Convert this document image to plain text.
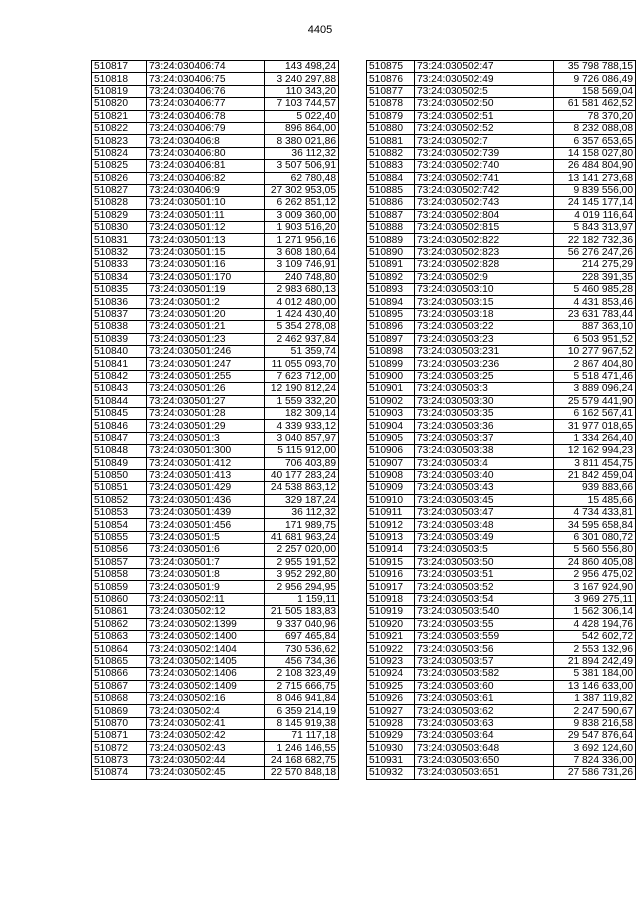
4405
510817	73:24:030406:74	143 498,24
510818	73:24:030406:75	3 240 297,88
510819	73:24:030406:76	110 343,20
510820	73:24:030406:77	7 103 744,57
510821	73:24:030406:78	5 022,40
510822	73:24:030406:79	896 864,00
510823	73:24:030406:8	8 380 021,86
510824	73:24:030406:80	36 112,32
510825	73:24:030406:81	3 507 506,91
510826	73:24:030406:82	62 780,48
510827	73:24:030406:9	27 302 953,05
510828	73:24:030501:10	6 262 851,12
510829	73:24:030501:11	3 009 360,00
510830	73:24:030501:12	1 903 516,20
510831	73:24:030501:13	1 271 956,16
510832	73:24:030501:15	3 608 180,64
510833	73:24:030501:16	3 109 746,91
510834	73:24:030501:170	240 748,80
510835	73:24:030501:19	2 983 680,13
510836	73:24:030501:2	4 012 480,00
510837	73:24:030501:20	1 424 430,40
510838	73:24:030501:21	5 354 278,08
510839	73:24:030501:23	2 462 937,84
510840	73:24:030501:246	51 359,74
510841	73:24:030501:247	11 055 093,70
510842	73:24:030501:255	7 623 712,00
510843	73:24:030501:26	12 190 812,24
510844	73:24:030501:27	1 559 332,20
510845	73:24:030501:28	182 309,14
510846	73:24:030501:29	4 339 933,12
510847	73:24:030501:3	3 040 857,97
510848	73:24:030501:300	5 115 912,00
510849	73:24:030501:412	706 403,89
510850	73:24:030501:413	40 177 283,24
510851	73:24:030501:429	24 538 863,12
510852	73:24:030501:436	329 187,24
510853	73:24:030501:439	36 112,32
510854	73:24:030501:456	171 989,75
510855	73:24:030501:5	41 681 963,24
510856	73:24:030501:6	2 257 020,00
510857	73:24:030501:7	2 955 191,52
510858	73:24:030501:8	3 952 292,80
510859	73:24:030501:9	2 956 294,95
510860	73:24:030502:11	1 159,11
510861	73:24:030502:12	21 505 183,83
510862	73:24:030502:1399	9 337 040,96
510863	73:24:030502:1400	697 465,84
510864	73:24:030502:1404	730 536,62
510865	73:24:030502:1405	456 734,36
510866	73:24:030502:1406	2 108 323,49
510867	73:24:030502:1409	2 715 666,75
510868	73:24:030502:16	8 046 941,84
510869	73:24:030502:4	6 359 214,19
510870	73:24:030502:41	8 145 919,38
510871	73:24:030502:42	71 117,18
510872	73:24:030502:43	1 246 146,55
510873	73:24:030502:44	24 168 682,75
510874	73:24:030502:45	22 570 848,18
510875	73:24:030502:47	35 798 788,15
510876	73:24:030502:49	9 726 086,49
510877	73:24:030502:5	158 569,04
510878	73:24:030502:50	61 581 462,52
510879	73:24:030502:51	78 370,20
510880	73:24:030502:52	8 232 088,08
510881	73:24:030502:7	6 357 653,65
510882	73:24:030502:739	14 158 027,80
510883	73:24:030502:740	26 484 804,90
510884	73:24:030502:741	13 141 273,68
510885	73:24:030502:742	9 839 556,00
510886	73:24:030502:743	24 145 177,14
510887	73:24:030502:804	4 019 116,64
510888	73:24:030502:815	5 843 313,97
510889	73:24:030502:822	22 182 732,36
510890	73:24:030502:823	56 276 247,26
510891	73:24:030502:828	214 275,29
510892	73:24:030502:9	228 391,35
510893	73:24:030503:10	5 460 985,28
510894	73:24:030503:15	4 431 853,46
510895	73:24:030503:18	23 631 783,44
510896	73:24:030503:22	887 363,10
510897	73:24:030503:23	6 503 951,52
510898	73:24:030503:231	10 277 967,52
510899	73:24:030503:236	2 867 404,80
510900	73:24:030503:25	5 518 471,46
510901	73:24:030503:3	3 889 096,24
510902	73:24:030503:30	25 579 441,90
510903	73:24:030503:35	6 162 567,41
510904	73:24:030503:36	31 977 018,65
510905	73:24:030503:37	1 334 264,40
510906	73:24:030503:38	12 162 994,23
510907	73:24:030503:4	3 811 454,75
510908	73:24:030503:40	21 842 459,04
510909	73:24:030503:43	939 883,66
510910	73:24:030503:45	15 485,66
510911	73:24:030503:47	4 734 433,81
510912	73:24:030503:48	34 595 658,84
510913	73:24:030503:49	6 301 080,72
510914	73:24:030503:5	5 560 556,80
510915	73:24:030503:50	24 860 405,08
510916	73:24:030503:51	2 956 475,02
510917	73:24:030503:52	3 167 924,90
510918	73:24:030503:54	3 969 275,11
510919	73:24:030503:540	1 562 306,14
510920	73:24:030503:55	4 428 194,76
510921	73:24:030503:559	542 602,72
510922	73:24:030503:56	2 553 132,96
510923	73:24:030503:57	21 894 242,49
510924	73:24:030503:582	5 381 184,00
510925	73:24:030503:60	13 146 633,00
510926	73:24:030503:61	1 387 119,82
510927	73:24:030503:62	2 247 590,67
510928	73:24:030503:63	9 838 216,58
510929	73:24:030503:64	29 547 876,64
510930	73:24:030503:648	3 692 124,60
510931	73:24:030503:650	7 824 336,00
510932	73:24:030503:651	27 586 731,26
